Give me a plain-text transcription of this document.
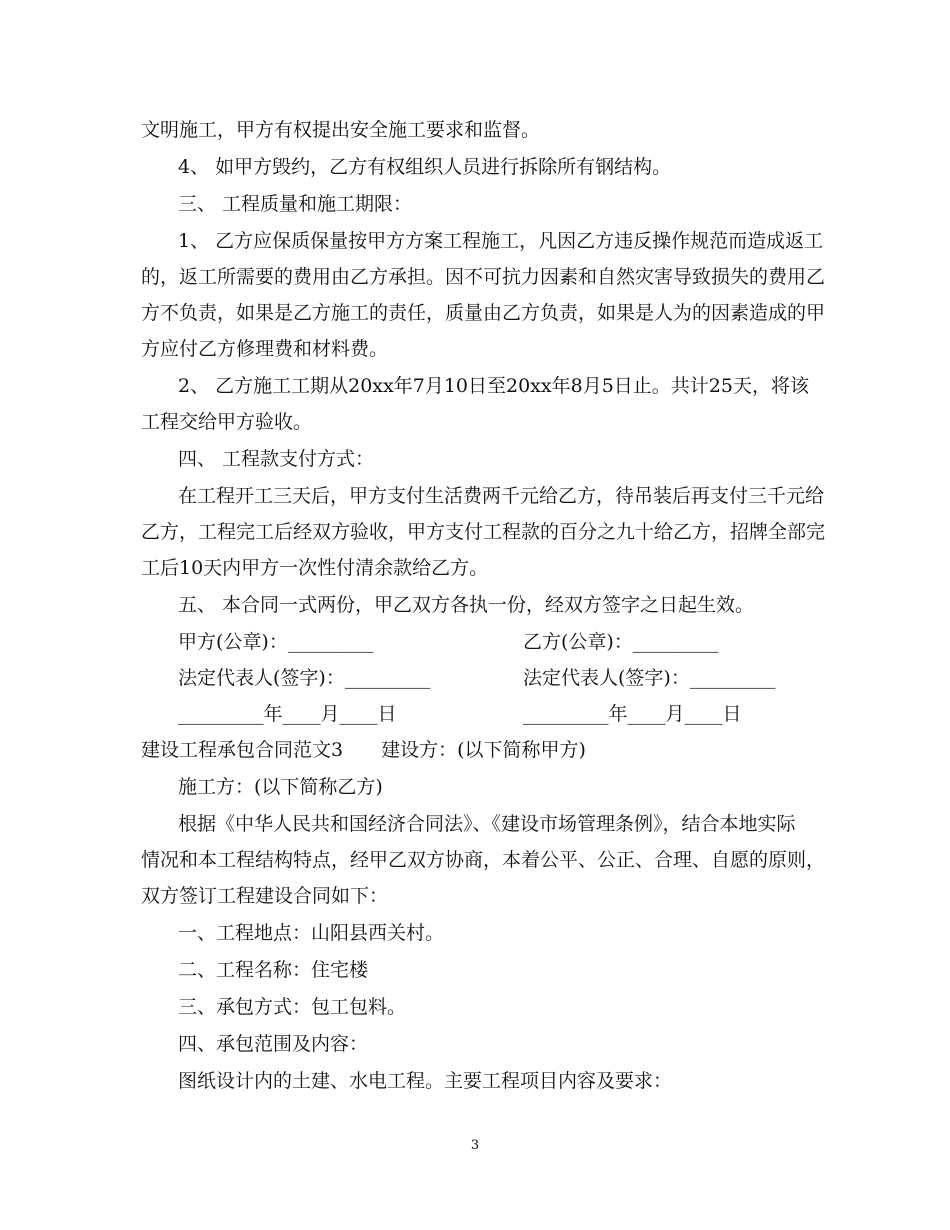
文明施工，甲方有权提出安全施工要求和监督。
4、 如甲方毁约，乙方有权组织人员进行拆除所有钢结构。
三、 工程质量和施工期限：
1、 乙方应保质保量按甲方方案工程施工，凡因乙方违反操作规范而造成返工
的，返工所需要的费用由乙方承担。因不可抗力因素和自然灾害导致损失的费用乙
方不负责，如果是乙方施工的责任，质量由乙方负责，如果是人为的因素造成的甲
方应付乙方修理费和材料费。
2、 乙方施工工期从20xx年7月10日至20xx年8月5日止。共计25天，将该
工程交给甲方验收。
四、 工程款支付方式：
在工程开工三天后，甲方支付生活费两千元给乙方，待吊装后再支付三千元给
乙方，工程完工后经双方验收，甲方支付工程款的百分之九十给乙方，招牌全部完
工后10天内甲方一次性付清余款给乙方。
五、 本合同一式两份，甲乙双方各执一份，经双方签字之日起生效。
甲方(公章)：_________	乙方(公章)：_________
法定代表人(签字)：_________	法定代表人(签字)：_________
_________年____月____日	_________年____月____日
建设工程承包合同范文3　　建设方：(以下简称甲方)
施工方：(以下简称乙方)
根据《中华人民共和国经济合同法》、《建设市场管理条例》，结合本地实际
情况和本工程结构特点，经甲乙双方协商，本着公平、公正、合理、自愿的原则，
双方签订工程建设合同如下：
一、工程地点：山阳县西关村。
二、工程名称：住宅楼
三、承包方式：包工包料。
四、承包范围及内容：
图纸设计内的土建、水电工程。主要工程项目内容及要求：
3
